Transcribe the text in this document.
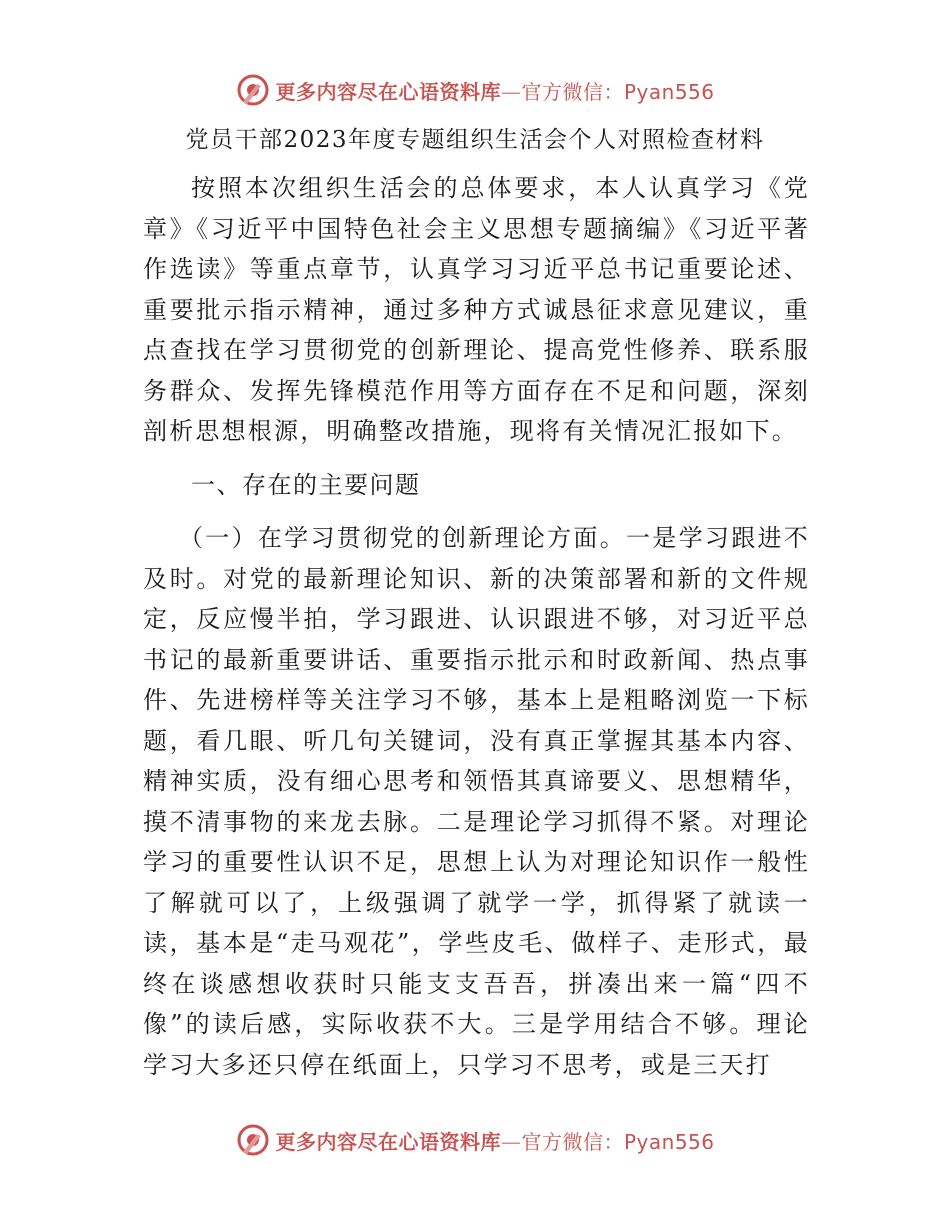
更多内容尽在心语资料库—官方微信：Pyan556
党员干部2023年度专题组织生活会个人对照检查材料

按照本次组织生活会的总体要求，本人认真学习《党章》《习近平中国特色社会主义思想专题摘编》《习近平著作选读》等重点章节，认真学习习近平总书记重要论述、重要批示指示精神，通过多种方式诚恳征求意见建议，重点查找在学习贯彻党的创新理论、提高党性修养、联系服务群众、发挥先锋模范作用等方面存在不足和问题，深刻剖析思想根源，明确整改措施，现将有关情况汇报如下。

一、存在的主要问题

（一）在学习贯彻党的创新理论方面。一是学习跟进不及时。对党的最新理论知识、新的决策部署和新的文件规定，反应慢半拍，学习跟进、认识跟进不够，对习近平总书记的最新重要讲话、重要指示批示和时政新闻、热点事件、先进榜样等关注学习不够，基本上是粗略浏览一下标题，看几眼、听几句关键词，没有真正掌握其基本内容、精神实质，没有细心思考和领悟其真谛要义、思想精华，摸不清事物的来龙去脉。二是理论学习抓得不紧。对理论学习的重要性认识不足，思想上认为对理论知识作一般性了解就可以了，上级强调了就学一学，抓得紧了就读一读，基本是“走马观花”，学些皮毛、做样子、走形式，最终在谈感想收获时只能支支吾吾，拼凑出来一篇“四不像”的读后感，实际收获不大。三是学用结合不够。理论学习大多还只停在纸面上，只学习不思考，或是三天打

更多内容尽在心语资料库—官方微信：Pyan556
